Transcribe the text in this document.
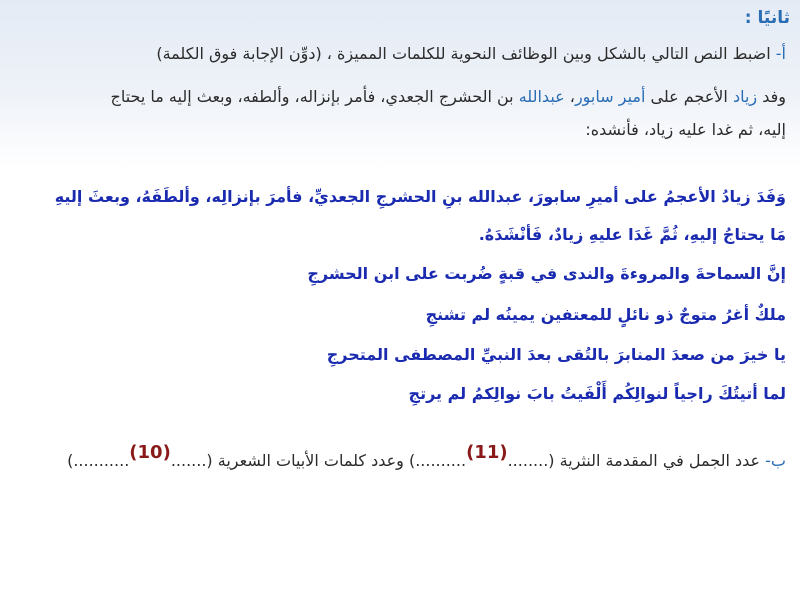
ثانيًا :
أ- اضبط النص التالي بالشكل وبين الوظائف النحوية للكلمات المميزة ، (دوِّن الإجابة فوق الكلمة)
وفد زياد الأعجم على أمير سابور، عبدالله بن الحشرج الجعدي، فأمر بإنزاله، وألطفه، وبعث إليه ما يحتاج
إليه، ثم غدا عليه زياد، فأنشده:
وَفَدَ زيادُ الأعجمُ على أميرِ سابورَ، عبدالله بنِ الحشرجِ الجعديِّ، فأمرَ بإنزالِه، وألطَفَهُ، وبعثَ إليهِ
مَا يحتاجُ إليهِ، ثُمَّ غَدَا عليهِ زيادٌ، فَأنْشَدَهُ.
إنَّ السماحةَ والمروءةَ والندى في قبةٍ ضُربت على ابن الحشرجِ
ملكٌ أغرُ متوجٌ ذو نائلٍ للمعتفين يمينُه لم تشنجِ
يا خيرَ من صعدَ المنابرَ بالتُقى بعدَ النبيِّ المصطفى المتحرجِ
لما أتيتُكَ راجياً لنوالِكُم أَلْفَيتُ بابَ نوالِكمُ لم يرتجِ
ب- عدد الجمل في المقدمة النثرية (........(11)..........) وعدد كلمات الأبيات الشعرية (.......(10)...........)
